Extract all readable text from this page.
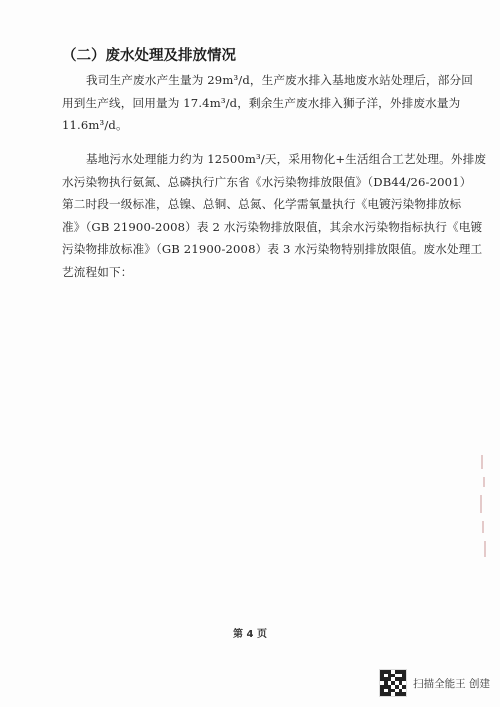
（二）废水处理及排放情况
我司生产废水产生量为 29m³/d，生产废水排入基地废水站处理后，部分回
用到生产线，回用量为 17.4m³/d，剩余生产废水排入狮子洋，外排废水量为
11.6m³/d。
基地污水处理能力约为 12500m³/天，采用物化+生活组合工艺处理。外排废
水污染物执行氨氮、总磷执行广东省《水污染物排放限值》（DB44/26-2001）
第二时段一级标准，总镍、总铜、总氮、化学需氧量执行《电镀污染物排放标
准》（GB 21900-2008）表 2 水污染物排放限值，其余水污染物指标执行《电镀
污染物排放标准》（GB 21900-2008）表 3 水污染物特别排放限值。废水处理工
艺流程如下：
第 4 页
扫描全能王 创建
